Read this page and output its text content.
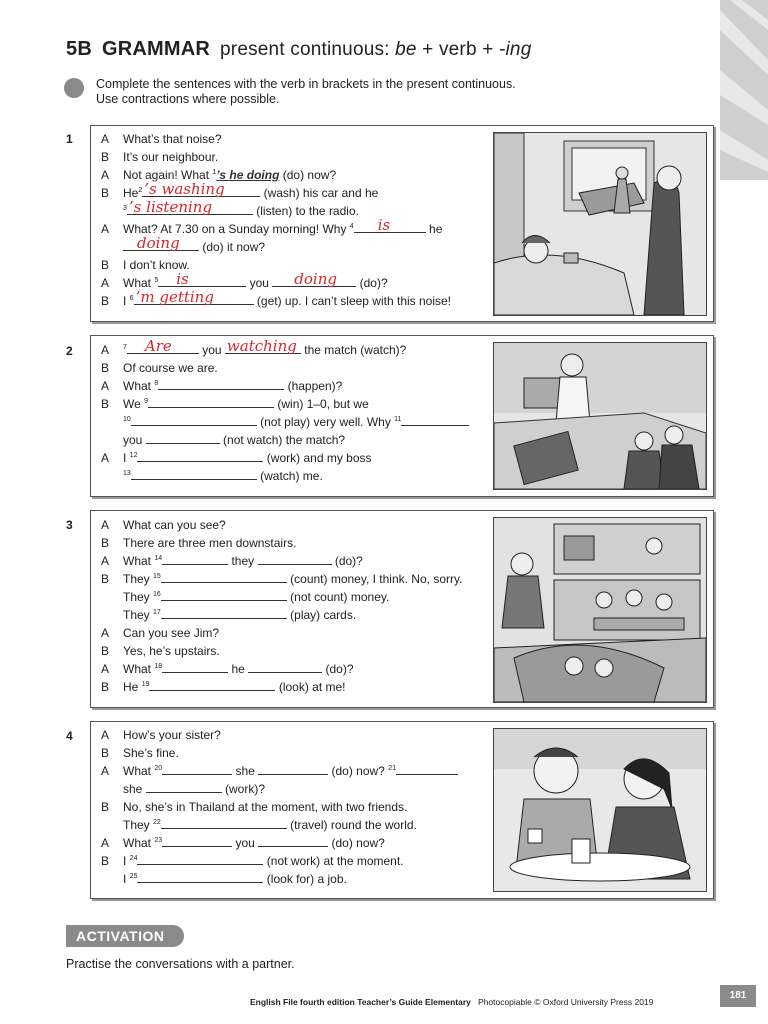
5B GRAMMAR present continuous: be + verb + -ing
Complete the sentences with the verb in brackets in the present continuous.
Use contractions where possible.
1 A What’s that noise?
B It’s our neighbour.
A Not again! What $^1$’s he doing (do) now?
B He$^2$ ’s washing	(wash) his car and he
$^3$ ’s listening	(listen) to the radio.
A What? At 7.30 on a Sunday morning! Why $^4$ is	he
doing (do) it now?
B I don’t know.
A What $^5$ is	you doing (do)?
B I $^6$ ’m getting	(get) up. I can’t sleep with this noise!
2 A $^7$ Are you watching the match (watch)?
B Of course we are.
A What $^8$	(happen)?
B We $^9$	(win) 1–0, but we
$^{10}$	(not play) very well. Why $^{11}$
you	(not watch) the match?
A I $^{12}$	(work) and my boss
$^{13}$	(watch) me.
3 A What can you see?
B There are three men downstairs.
A What $^{14}$	they	(do)?
B They $^{15}$	(count) money, I think. No, sorry.
They $^{16}$	(not count) money.
They $^{17}$	(play) cards.
A Can you see Jim?
B Yes, he’s upstairs.
A What $^{18}$	he	(do)?
B He $^{19}$	(look) at me!
4 A How’s your sister?
B She’s fine.
A What $^{20}$	she	(do) now? $^{21}$
she	(work)?
B No, she’s in Thailand at the moment, with two friends.
They $^{22}$	(travel) round the world.
A What $^{23}$	you	(do) now?
B I $^{24}$	(not work) at the moment.
I $^{25}$	(look for) a job.
ACTIVATION
Practise the conversations with a partner.
English File fourth edition Teacher’s Guide Elementary Photocopiable © Oxford University Press 2019
181
